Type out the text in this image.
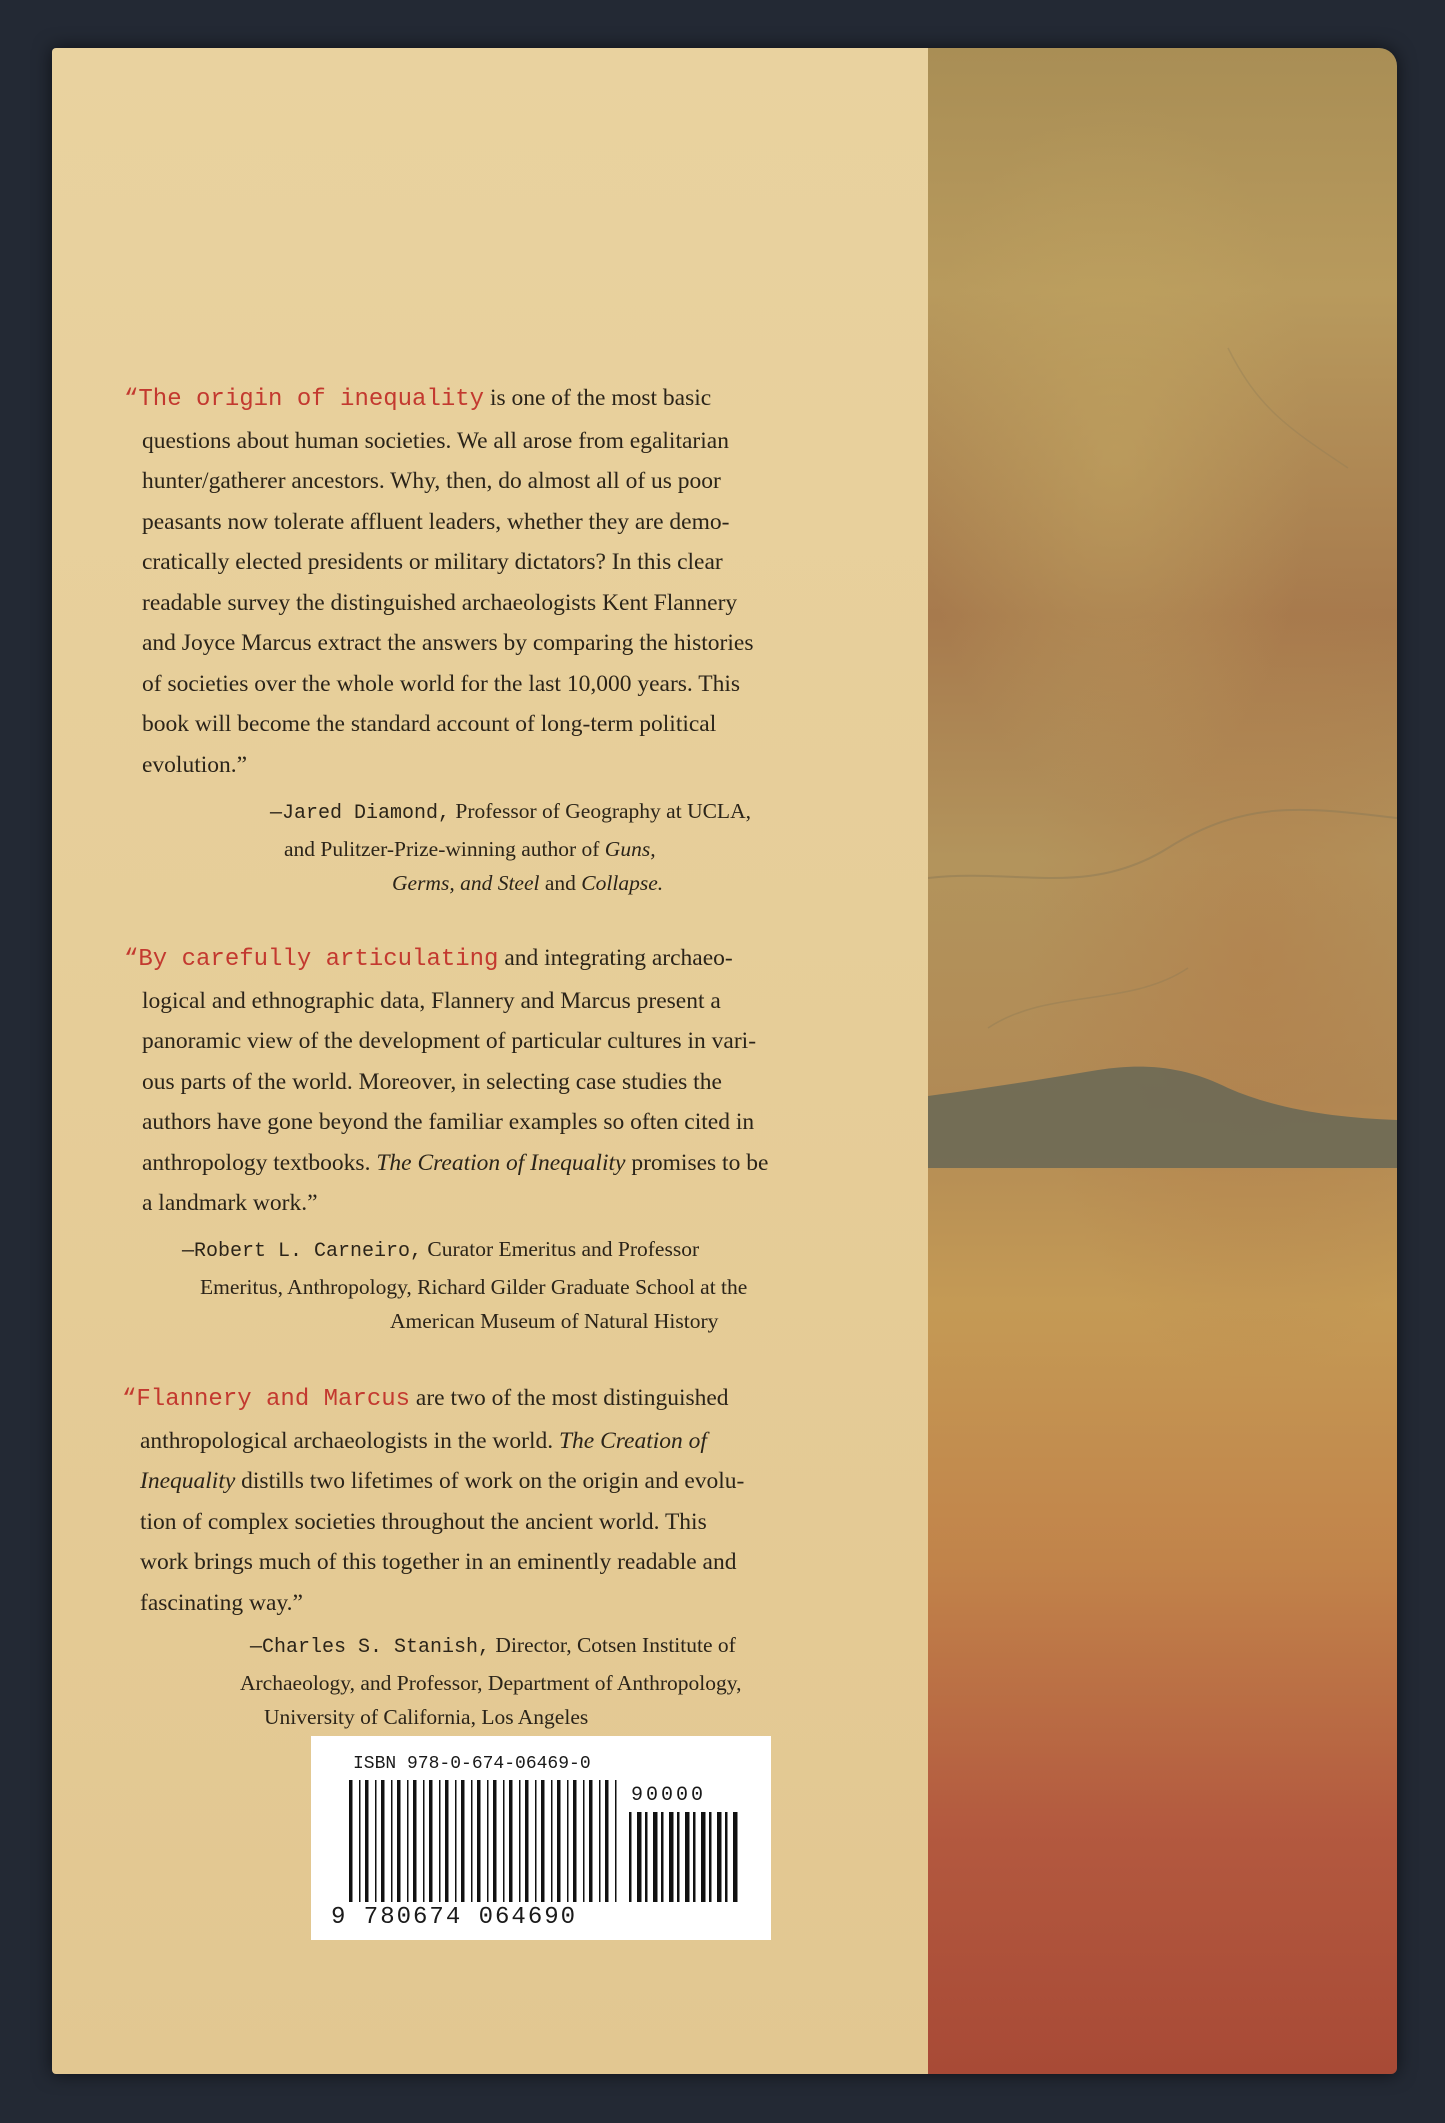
“The origin of inequality is one of the most basic
questions about human societies. We all arose from egalitarian
hunter/gatherer ancestors. Why, then, do almost all of us poor
peasants now tolerate affluent leaders, whether they are demo-
cratically elected presidents or military dictators? In this clear
readable survey the distinguished archaeologists Kent Flannery
and Joyce Marcus extract the answers by comparing the histories
of societies over the whole world for the last 10,000 years. This
book will become the standard account of long-term political
evolution.”
—Jared Diamond, Professor of Geography at UCLA,
and Pulitzer-Prize-winning author of Guns,
Germs, and Steel and Collapse.
“By carefully articulating and integrating archaeo-
logical and ethnographic data, Flannery and Marcus present a
panoramic view of the development of particular cultures in vari-
ous parts of the world. Moreover, in selecting case studies the
authors have gone beyond the familiar examples so often cited in
anthropology textbooks. The Creation of Inequality promises to be
a landmark work.”
—Robert L. Carneiro, Curator Emeritus and Professor
Emeritus, Anthropology, Richard Gilder Graduate School at the
American Museum of Natural History
“Flannery and Marcus are two of the most distinguished
anthropological archaeologists in the world. The Creation of
Inequality distills two lifetimes of work on the origin and evolu-
tion of complex societies throughout the ancient world. This
work brings much of this together in an eminently readable and
fascinating way.”
—Charles S. Stanish, Director, Cotsen Institute of
Archaeology, and Professor, Department of Anthropology,
University of California, Los Angeles
ISBN 978-0-674-06469-0
90000
9 780674 064690
